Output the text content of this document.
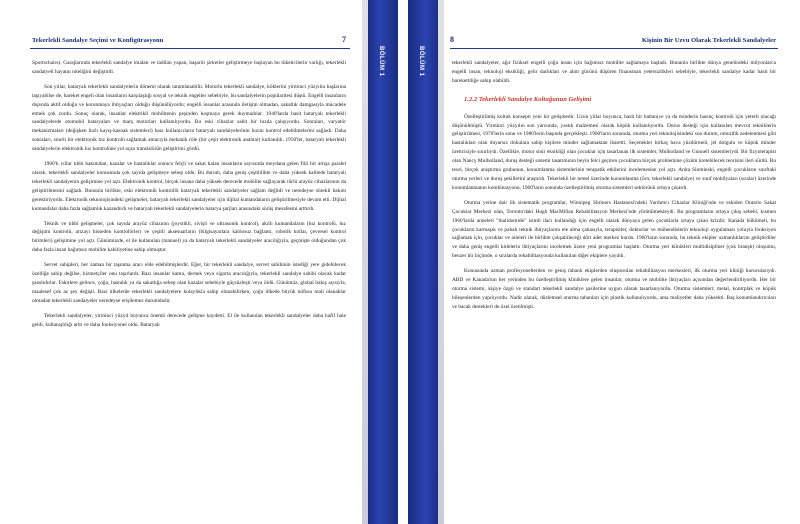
Tekerlekli Sandalye Seçimi ve Konfigürasyonu	7

Sportschairs). Garajlarında tekerlekli sandalye imalatı ve tadilatı yapan, başarılı şirketler geliştirmeye başlayan bu tüketicilerin varlığı, tekerlekli sandalyeli hayatın niteliğini değiştirdi.

Son yıllar, bataryalı tekerlekli sandalyelerin dönemi olarak tanımlanabilir. Motorlu tekerlekli sandalye, köklerini yirminci yüzyılın başlarına taşıyabilse de, hareket engeli olan insanların karşılaştığı sosyal ve teknik engeller sebebiyle, bu sandalyelerin popülaritesi düştü. Engelli insanların dışarıda aktif olduğu ve korunmaya ihtiyaçları olduğu düşünülüyordu; engelli insanlar arasında iletişim olmadan, sakatlık damgasıyla mücadele etmek çok zordu. Sonuç olarak, insanlar elektrikli mobilitenin peşinden koşmaya gerek duymadılar. 1940'larda basit bataryalı tekerlekli sandalyelerde otomobil bataryaları ve marş motorları kullanılıyordu. Bu eski cihazlar sabit bir hızda çalışıyordu. Sonraları, varyatör mekanizmaları (değişken hızlı kayış-kasnak sistemleri) bazı kullanıcıların bataryalı sandalyelerinin hızını kontrol edebilmelerini sağladı. Daha sonraları, sınırlı bir elektronik hız kontrolü sağlamak amacıyla mekanik röle (bir çeşit elektronik anahtar) kullanıldı. 1950'ler, bataryalı tekerlekli sandalyelerin elektronik hız kontrolüne yol açan transistörün geliştirimi gördü.

1960'lı yıllar tıbbi bakımdan, kazalar ve hastalıklar sonucu felçli ve sakat kalan insanların sayısında meydana gelen fiili bir artışa paralel olarak, tekerlekli sandalyeler konusunda çok sayıda gelişmeye sebep oldu. Bu durum, daha geniş çeşitlilikte ve daha yüksek kalitede bataryalı tekerlekli sandalyenin gelişimine yol açtı. Elektronik kontrol, birçok insana daha yüksek derecede mobilite sağlayarak türlü arayüz cihazlarının da geliştirilmesini sağladı. Bununla birlikte, eski elektronik kontrollü bataryalı tekerlekli sandalyeler sağlam değildi ve neredeyse sürekli bakım gerektiriyordu. Elektronik teknolojisindeki gelişmeler, bataryalı tekerlekli sandalyeler için dijital kumandaların geliştirilmesiyle devam etti. Dijital kumandalar daha fazla sağlamlık kazandırdı ve bataryalı tekerlekli sandalyelerin batarya şarjları arasındaki sürüş mesafesini arttırdı.

Teknik ve tıbbi gelişmeler, çok sayıda arayüz cihazının (joystikli, sivişli ve ultrasonik kontrol), akıllı kumandaların (hız kontrolü, hız değişimi kontrolü, arızayı hisseden kontrolörler) ve çeşitli aksesuarların (bilgisayarlara kablosuz bağlantı, robotik kollar, çevresel kontrol birimleri) gelişimine yol açtı. Günümüzde, el ile kullanılan (manuel) ya da bataryalı tekerlekli sandalyeler aracılığıyla, geçmişte olduğundan çok daha fazla insan bağımsız mobilite kabiliyetine sahip olmuştur.

Servet sahipleri, her zaman bir taşınma aracı elde edebilmişlerdir. Eğer, bir tekerlekli sandalye, servet sahibinin istediği yere gidebilecek özelliğe sahip değilse, hizmetçiler onu taşırlardı. Bazı insanlar kamu, dernek veya sigorta aracılığıyla, tekerlekli sandalye sahibi olacak kadar şanslıdırlar. Fakirlere gelince, çoğu, hastalık ya da sakatlığa sebep olan kazalar sebebiyle güçsüzleşti veya öldü. Günümüz, global bakış açısıyla, maalesef çok az şey değişti. Bazı ülkelerde tekerlekli sandalyelere kolaylıkla sahip olunabilirken, çoğu ülkede büyük nüfusa mali olanaklar olmadan tekerlekli sandalyeler neredeyse erişilemez durumdadır.

Tekerlekli sandalyeler, yirminci yüzyıl boyunca önemli derecede gelişme kaydetti. El ile kullanılan tekerlekli sandalyeler daha hafif hale geldi, kullanışlılığı arttı ve daha fonksiyonel oldu. Bataryalı

BÖLÜM 1	BÖLÜM 1
8	Kişinin Bir Uzvu Olarak Tekerlekli Sandalyeler

tekerlekli sandalyeler, ağır fiziksel engelli çoğu insan için bağımsız mobilite sağlamaya başladı. Bununla birlikte dünya genelindeki milyonlarca engelli insan, teknoloji eksikliği, gelir darlıkları ve alım gücünü düşüren finansman yetersizlikleri sebebiyle, tekerlekli sandalye kadar basit bir harekettiliğe sahip olabildi.

1.2.2 Tekerlekli Sandalye Koltuğunun Gelişimi

Özelleştirilmiş koltuk konsepti yeni bir gelişmedir. Uzun yıllar boyunca, basit bir battaniye ya da minderin basınç kontrolü için yeterli olacağı düşünülmüştü. Yirminci yüzyılın son yarısında, yastık malzemesi olarak köpük kullanılıyordu. Durus desteği için kullanılan mevcut tekniklerin geliştirilmesi, 1970'lerin sonu ve 1980'lerin başında gerçekleşti. 1960'ların sonunda, oturma yeri teknolojisindeki son durum, omurilik zedelenmesi gibi hastalıkları olan duyarsız dokulara sahip kişilere minder sağlamaktan ibaretti. Seçenekler birkaç hava yüzdürmeli, jel dolgulu ve köpük minder üreticisiyle sınırlıydı. Özellikle, motor sinir eksikliği olan çocuklar için tasarlanan ilk sistemler, Mulholland ve Gunnell sistemleriydi. Bir fizyoterapist olan Nancy Mulholland, duruş desteği sistemi tasarımının beyin felci geçiren çocukların birçok problemine çözüm üretebilecek teorisini ileri sürdü. Bu teori, birçok araştırma grubunun, konumlanma sistemlerinin terapatik etkilerini incelemesine yol açtı. Anita Slominski, engelli çocukların sınıftaki oturma yerleri ve duruş şekillerini araştırdı. Tekerlekli bir temel üzerinde konumlanma (örn; tekerlekli sandalye) ve sınıf mobilyaları (sıralar) üzerinde konumlanmanın kombinasyonu, 1960'ların sonunda özelleştirilmiş oturma sistemleri sektörünü ortaya çıkardı.

Oturma yerine dair ilk sistematik programlar, Winnipeg Shriners Hastanesi'ndeki Yardımcı Cihazlar Kliniği'nde ve eskiden Ontario Sakat Çocuklar Merkezi olan, Toronto'daki Hugh MacMillan Rehabilitasyon Merkezi'nde yürütülmekteydi. Bu programların ortaya çıkış sebebi, kısmen 1960'larda anneleri "thalidomide" isimli ilacı kullandığı için engelli olarak dünyaya gelen çocuklarla ortaya çıkan krizdir. Kanada hükümeti, bu çocukların karmaşık ve pahalı teknik ihtiyaçlarını ele alma çabasıyla, terapistler, doktorlar ve mühendislerin teknoloji uygulaması yoluyla fonksiyon sağlamak için, çocuklar ve aileleri ile birlikte çalışabileceği dört adet merkez kurdu. 1960'ların sonunda, bu teknik ekipler uzmanlıklarını geliştirdiler ve daha geniş engelli kitlelerin ihtiyaçlarını incelemek üzere yeni programlar başlattı. Oturma yeri klinikleri multidisipliner (çok branşlı) oluşumu, benzer bir biçimde, o sıralarda rehabilitasyonda kullanılan diğer ekiplere yayıldı.

Konusunda uzman profesyonellerden ve geniş tabanlı ekiplerden oluşturulan rehabilitasyon merkezleri, ilk oturma yeri kliniği kurucularıydı. ABD ve Kanada'nın her yerinden bu özelleştirilmiş kliniklere gelen insanlar, oturma ve mobilite ihtiyaçları açısından değerlendiriliyordu. Her bir oturma sistemi, kişiye özgü ve standart tekerlekli sandalye şasilerine uygun olarak tasarlanıyordu. Oturma sistemleri; metal, kontrplak ve köpük bileşenlerden yapılıyordu. Nadir olarak, düzlemsel oturma tabanları için plastik kullanılıyordu, ama maliyetler daha yüksekti. Baş konumlandırıcıları ve bacak destekleri de özel üretilmişti.
